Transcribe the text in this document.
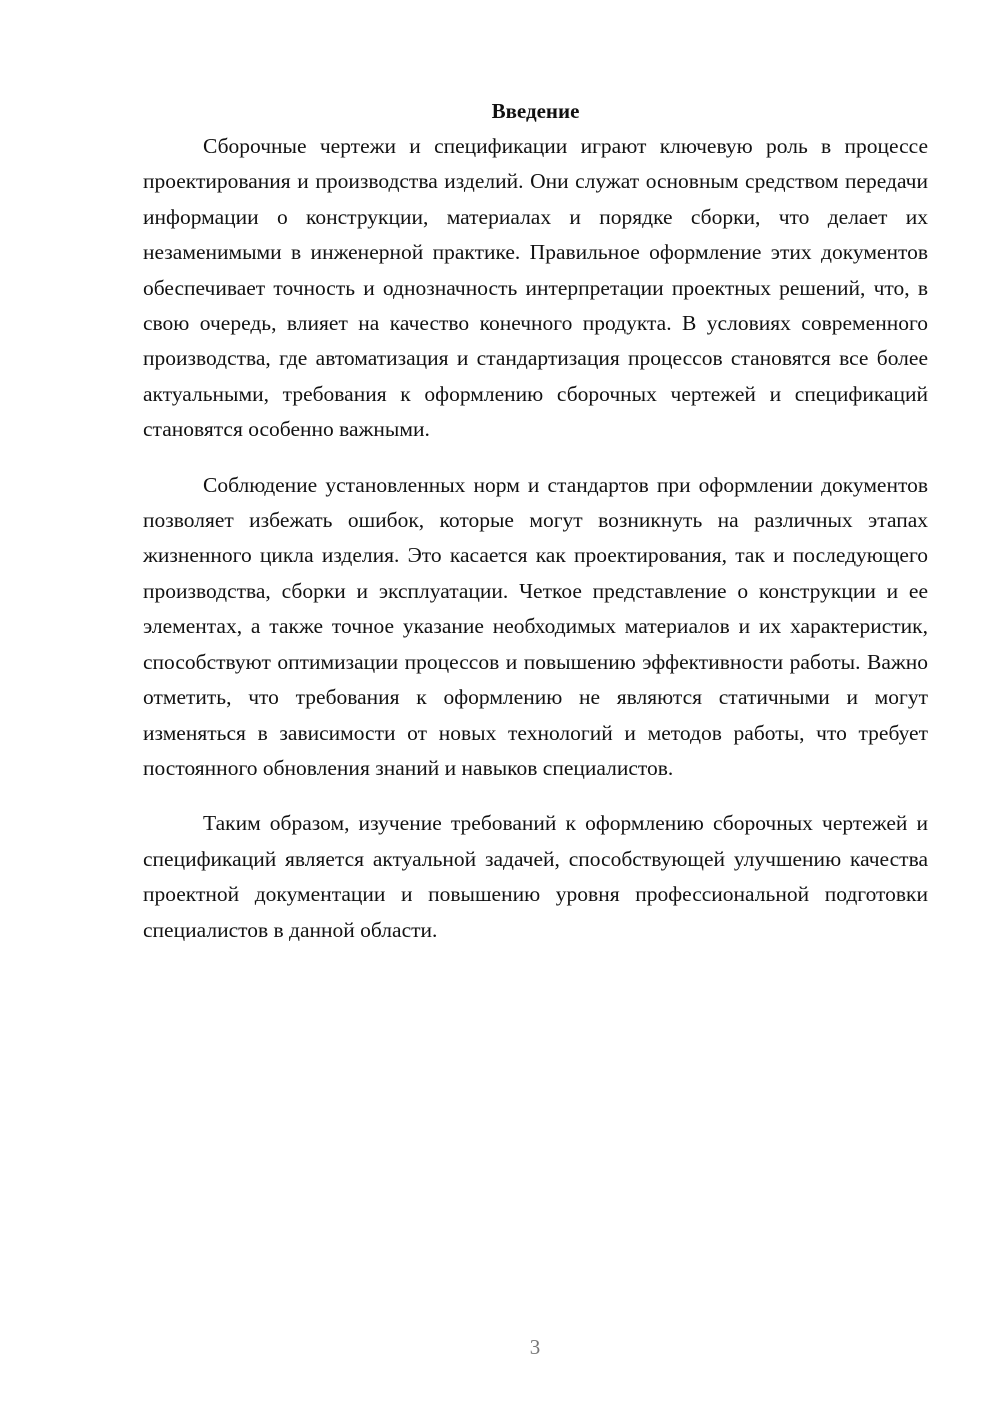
Введение

Сборочные чертежи и спецификации играют ключевую роль в процессе проектирования и производства изделий. Они служат основным средством передачи информации о конструкции, материалах и порядке сборки, что делает их незаменимыми в инженерной практике. Правильное оформление этих документов обеспечивает точность и однозначность интерпретации проектных решений, что, в свою очередь, влияет на качество конечного продукта. В условиях современного производства, где автоматизация и стандартизация процессов становятся все более актуальными, требования к оформлению сборочных чертежей и спецификаций становятся особенно важными.

Соблюдение установленных норм и стандартов при оформлении документов позволяет избежать ошибок, которые могут возникнуть на различных этапах жизненного цикла изделия. Это касается как проектирования, так и последующего производства, сборки и эксплуатации. Четкое представление о конструкции и ее элементах, а также точное указание необходимых материалов и их характеристик, способствуют оптимизации процессов и повышению эффективности работы. Важно отметить, что требования к оформлению не являются статичными и могут изменяться в зависимости от новых технологий и методов работы, что требует постоянного обновления знаний и навыков специалистов.

Таким образом, изучение требований к оформлению сборочных чертежей и спецификаций является актуальной задачей, способствующей улучшению качества проектной документации и повышению уровня профессиональной подготовки специалистов в данной области.

3
